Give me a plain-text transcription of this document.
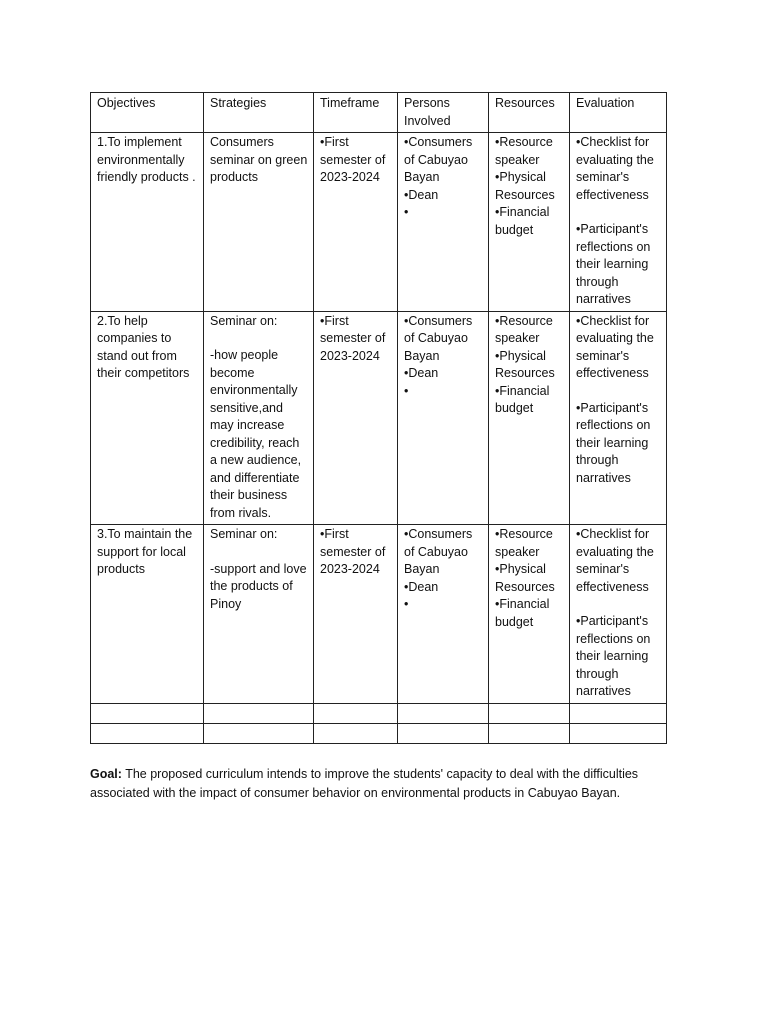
Objectives	Strategies	Timeframe	Persons Involved	Resources	Evaluation
1.To implement environmentally friendly products .	Consumers seminar on green products	•First semester of 2023-2024	•Consumers of Cabuyao Bayan
•Dean
•	•Resource speaker
•Physical Resources
•Financial budget	•Checklist for evaluating the seminar's effectiveness
•Participant's reflections on their learning through narratives

2.To help companies to stand out from their competitors	Seminar on:
-how people become environmentally sensitive,and may increase credibility, reach a new audience, and differentiate their business from rivals.	•First semester of 2023-2024	•Consumers of Cabuyao Bayan
•Dean
•	•Resource speaker
•Physical Resources
•Financial budget	•Checklist for evaluating the seminar's effectiveness
•Participant's reflections on their learning through narratives

3.To maintain the support for local products	Seminar on:
-support and love the products of Pinoy	•First semester of 2023-2024	•Consumers of Cabuyao Bayan
•Dean
•	•Resource speaker
•Physical Resources
•Financial budget	•Checklist for evaluating the seminar's effectiveness
•Participant's reflections on their learning through narratives

Goal: The proposed curriculum intends to improve the students' capacity to deal with the difficulties associated with the impact of consumer behavior on environmental products in Cabuyao Bayan.
